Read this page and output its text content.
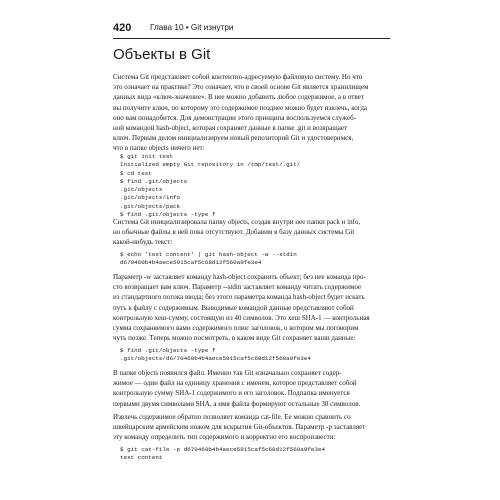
420 Глава 10 • Git изнутри
Объекты в Git

Система Git представляет собой контентно-адресуемую файловую систему. Но что
это означает на практике? Это означает, что в своей основе Git является хранилищем
данных вида «ключ-значение». В нее можно добавить любое содержимое, а в ответ
вы получите ключ, по которому это содержимое позднее можно будет извлечь, когда
оно вам понадобится. Для демонстрации этого принципа воспользуемся служеб-
ной командой hash-object, которая сохраняет данные в папке .git и возвращает
ключ. Первым делом инициализируем новый репозиторий Git и удостоверимся,
что в папке objects ничего нет:

$ git init test
Initialized empty Git repository in /tmp/test/.git/
$ cd test
$ find .git/objects
.git/objects
.git/objects/info
.git/objects/pack
$ find .git/objects -type f

Система Git инициализировала папку objects, создав внутри нее папки pack и info,
но обычные файлы в ней пока отсутствуют. Добавим в базу данных системы Git
какой-нибудь текст:

$ echo 'test content' | git hash-object -w --stdin
d670460b4b4aece5915caf5c68d12f560a9fe3e4

Параметр -w заставляет команду hash-object сохранить объект; без нее команда про-
сто возвращает вам ключ. Параметр --stdin заставляет команду читать содержимое
из стандартного потока ввода; без этого параметра команда hash-object будет искать
путь к файлу с содержимым. Выводимые командой данные представляют собой
контрольную хеш-сумму, состоящую из 40 символов. Это хеш SHA-1 — контрольная
сумма сохраняемого вами содержимого плюс заголовок, о котором мы поговорим
чуть позже. Теперь можно посмотреть, в каком виде Git сохраняет ваши данные:

$ find .git/objects -type f
.git/objects/d6/70460b4b4aece5915caf5c68d12f560a9fe3e4

В папке objects появился файл. Именно так Git изначально сохраняет содер-
жимое — один файл на единицу хранения с именем, которое представляет собой
контрольную сумму SHA-1 содержимого и его заголовок. Подпапка именуется
первыми двумя символами SHA, а имя файла формируют остальные 38 символов.

Извлечь содержимое обратно позволяет команда cat-file. Ее можно сравнить со
швейцарским армейским ножом для вскрытия Git-объектов. Параметр -p заставляет
эту команду определить тип содержимого и корректно его воспроизвести:

$ git cat-file -p d670460b4b4aece5915caf5c68d12f560a9fe3e4
test content
